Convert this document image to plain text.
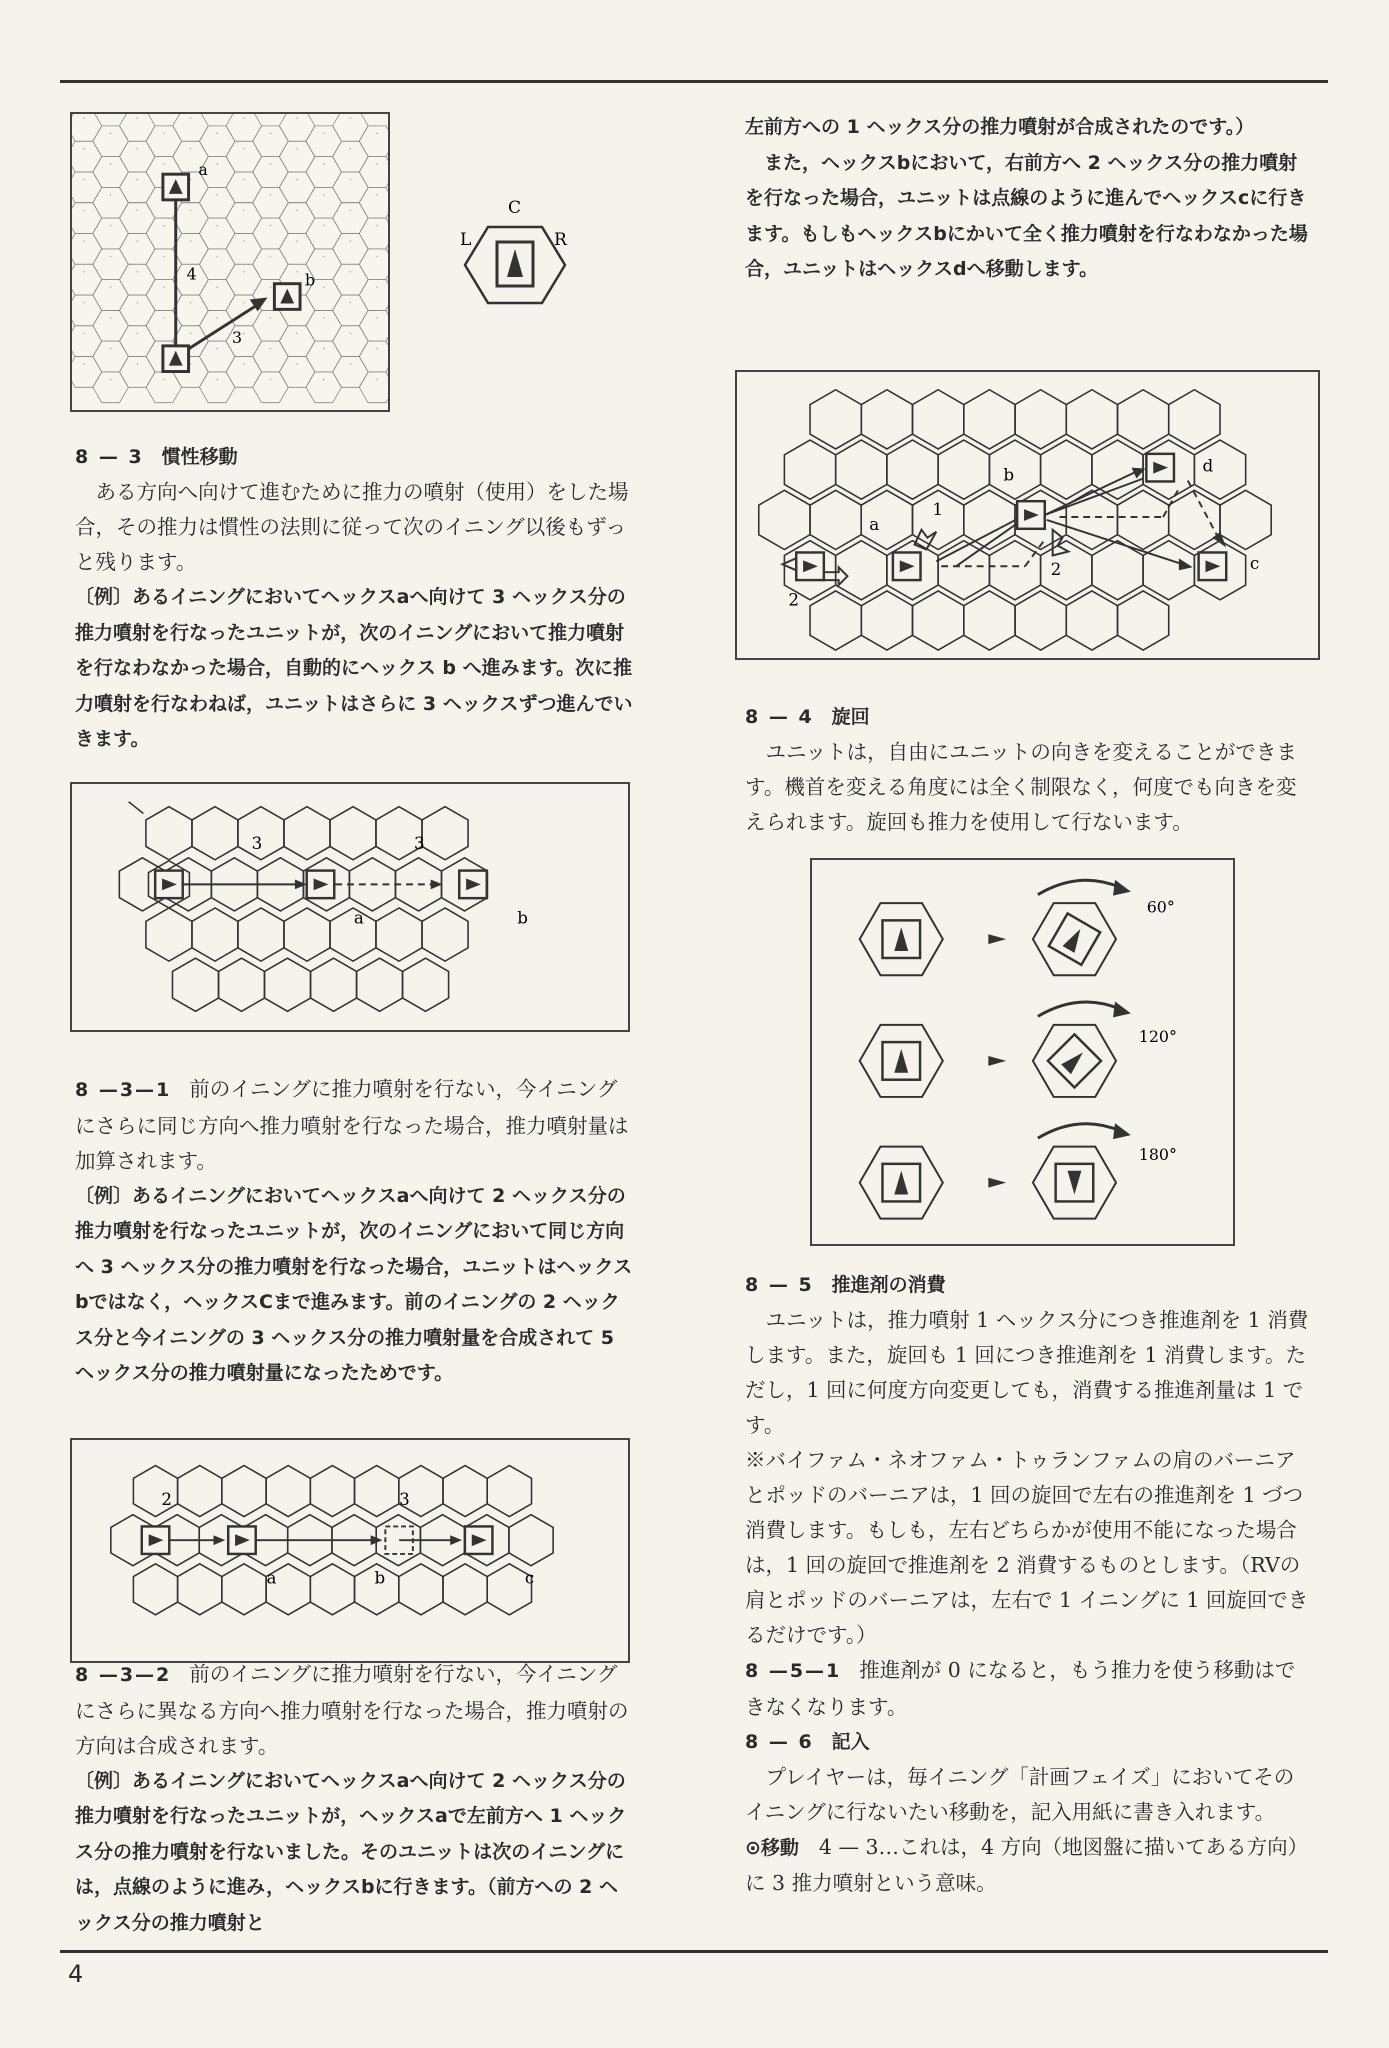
a
b
4
3
C
L	R
8 — 3 慣性移動

ある方向へ向けて進むために推力の噴射（使用）をした場合，その推力は慣性の法則に従って次のイニング以後もずっと残ります。

〔例〕あるイニングにおいてヘックスaへ向けて 3 ヘックス分の推力噴射を行なったユニットが，次のイニングにおいて推力噴射を行なわなかった場合，自動的にヘックス b へ進みます。次に推力噴射を行なわねば，ユニットはさらに 3 ヘックスずつ進んでいきます。

3	3
a	b

8 —3—1 前のイニングに推力噴射を行ない，今イニングにさらに同じ方向へ推力噴射を行なった場合，推力噴射量は加算されます。

〔例〕あるイニングにおいてヘックスaへ向けて 2 ヘックス分の推力噴射を行なったユニットが，次のイニングにおいて同じ方向へ 3 ヘックス分の推力噴射を行なった場合，ユニットはヘックスbではなく，ヘックスCまで進みます。前のイニングの 2 ヘックス分と今イニングの 3 ヘックス分の推力噴射量を合成されて 5 ヘックス分の推力噴射量になったためです。

2	3
a	b	c

8 —3—2 前のイニングに推力噴射を行ない，今イニングにさらに異なる方向へ推力噴射を行なった場合，推力噴射の方向は合成されます。

〔例〕あるイニングにおいてヘックスaへ向けて 2 ヘックス分の推力噴射を行なったユニットが，ヘックスaで左前方へ 1 ヘックス分の推力噴射を行ないました。そのユニットは次のイニングには，点線のように進み，ヘックスbに行きます。（前方への 2 ヘックス分の推力噴射と

左前方への 1 ヘックス分の推力噴射が合成されたのです。）

また，ヘックスbにおいて，右前方へ 2 ヘックス分の推力噴射を行なった場合，ユニットは点線のように進んでヘックスcに行きます。もしもヘックスbにかいて全く推力噴射を行なわなかった場合，ユニットはヘックスdへ移動します。

1
a
b	d
c
2
2
8 — 4 旋回

ユニットは，自由にユニットの向きを変えることができます。機首を変える角度には全く制限なく，何度でも向きを変えられます。旋回も推力を使用して行ないます。

60°
120°
180°
8 — 5 推進剤の消費

ユニットは，推力噴射 1 ヘックス分につき推進剤を 1 消費します。また，旋回も 1 回につき推進剤を 1 消費します。ただし，1 回に何度方向変更しても，消費する推進剤量は 1 です。

※バイファム・ネオファム・トゥランファムの肩のバーニアとポッドのバーニアは，1 回の旋回で左右の推進剤を 1 づつ消費します。もしも，左右どちらかが使用不能になった場合は，1 回の旋回で推進剤を 2 消費するものとします。（RVの肩とポッドのバーニアは，左右で 1 イニングに 1 回旋回できるだけです。）

8 —5—1 推進剤が 0 になると，もう推力を使う移動はできなくなります。

8 — 6 記入

プレイヤーは，毎イニング「計画フェイズ」においてそのイニングに行ないたい移動を，記入用紙に書き入れます。

⊙移動 4 — 3…これは，4 方向（地図盤に描いてある方向）に 3 推力噴射という意味。

4
